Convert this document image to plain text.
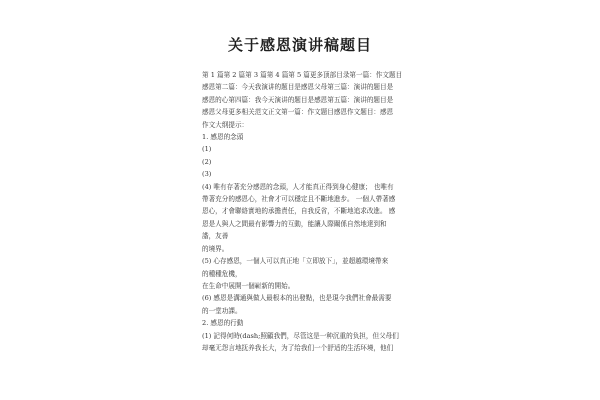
关于感恩演讲稿题目
第 1 篇第 2 篇第 3 篇第 4 篇第 5 篇更多顶部目录第一篇：作文题目
感恩第二篇：今天我演讲的题目是感恩父母第三篇：演讲的题目是
感恩的心第四篇：我今天演讲的题目是感恩第五篇：演讲的题目是
感恩父母更多相关范文正文第一篇：作文题目感恩作文题目：感恩
作文大纲提示：
1. 感恩的念頭
(1)
(2)
(3)
(4) 唯有存著充分感恩的念頭，人才能真正得到身心健康； 也唯有
帶著充分的感恩心，社會才可以穩定且不斷地進步。 一個人帶著感
恩心，才會聯絡實地的承擔責任，自我反省，不斷地追求改進。 感
恩是人與人之間最有影響力的互動，能讓人際關係自然地達到和
諧，友善
的境界。
(5) 心存感恩，一個人可以真正地「立即放下」，並超越環境帶來
的種種危機，
在生命中展開一個嶄新的開始。
(6) 感恩是溝通與做人最根本的出發點，也是現今我們社會最需要
的一堂功課。
2. 感恩的行動
(1) 記得何時(dash;照顧我們，尽管这是一种沉重的负担，但父母们
却毫无怨言地抚养我长大，为了给我们一个舒适的生活环境，他们
